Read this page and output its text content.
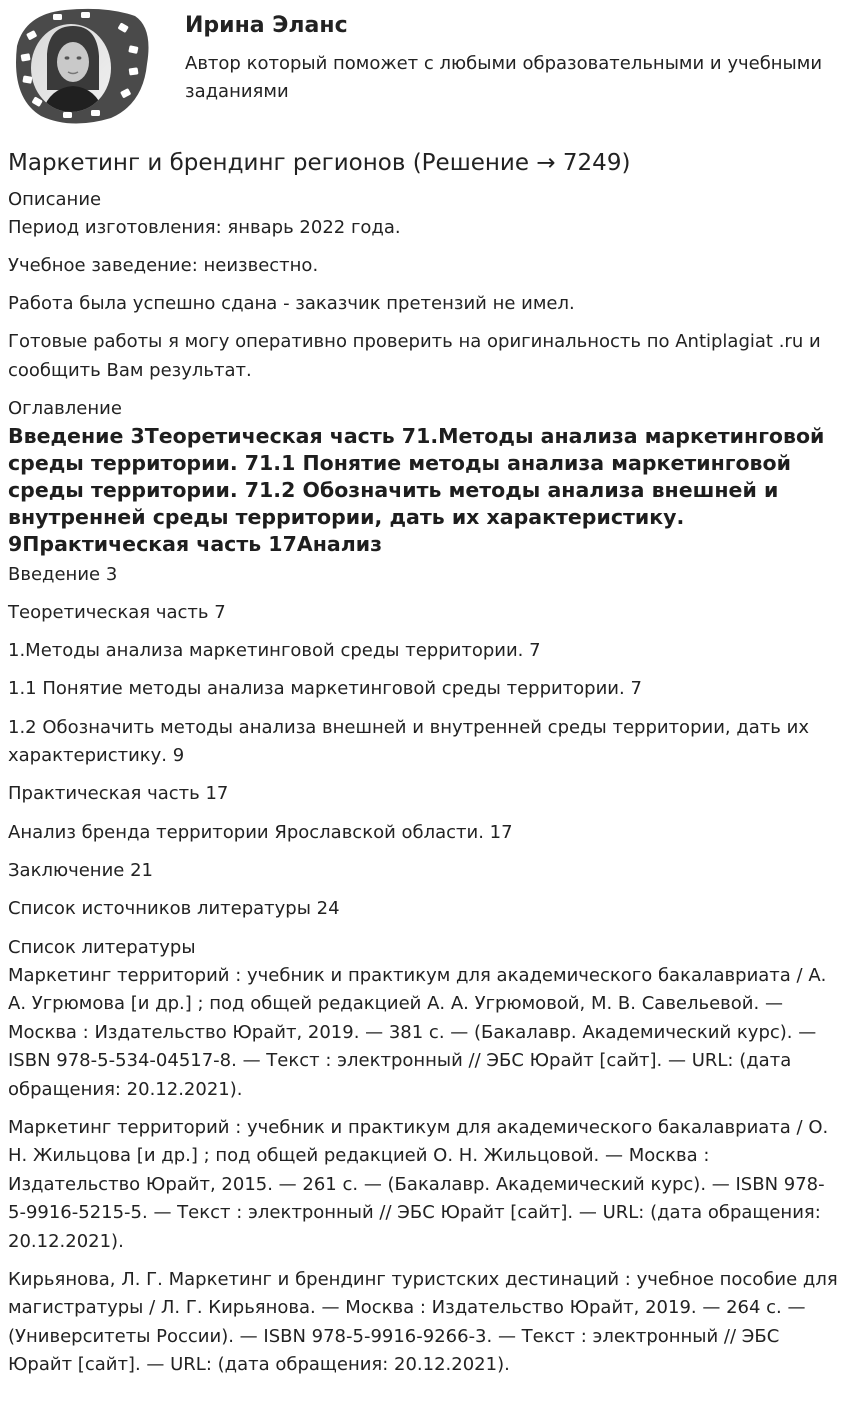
Ирина Эланс
Автор который поможет с любыми образовательными и учебными заданиями
Маркетинг и брендинг регионов (Решение → 7249)
Описание

Период изготовления: январь 2022 года.

Учебное заведение: неизвестно.

Работа была успешно сдана - заказчик претензий не имел.

Готовые работы я могу оперативно проверить на оригинальность по Antiplagiat .ru и сообщить Вам результат.

Оглавление

Введение 3Теоретическая часть 71.Методы анализа маркетинговой среды территории. 71.1 Понятие методы анализа маркетинговой среды территории. 71.2 Обозначить методы анализа внешней и внутренней среды территории, дать их характеристику. 9Практическая часть 17Анализ

Введение 3

Теоретическая часть 7

1.Методы анализа маркетинговой среды территории. 7

1.1 Понятие методы анализа маркетинговой среды территории. 7

1.2 Обозначить методы анализа внешней и внутренней среды территории, дать их характеристику. 9

Практическая часть 17

Анализ бренда территории Ярославской области. 17

Заключение 21

Список источников литературы 24

Список литературы

Маркетинг территорий : учебник и практикум для академического бакалавриата / А. А. Угрюмова [и др.] ; под общей редакцией А. А. Угрюмовой, М. В. Савельевой. — Москва : Издательство Юрайт, 2019. — 381 с. — (Бакалавр. Академический курс). — ISBN 978-5-534-04517-8. — Текст : электронный // ЭБС Юрайт [сайт]. — URL: (дата обращения: 20.12.2021).

Маркетинг территорий : учебник и практикум для академического бакалавриата / О. Н. Жильцова [и др.] ; под общей редакцией О. Н. Жильцовой. — Москва : Издательство Юрайт, 2015. — 261 с. — (Бакалавр. Академический курс). — ISBN 978-5-9916-5215-5. — Текст : электронный // ЭБС Юрайт [сайт]. — URL: (дата обращения: 20.12.2021).

Кирьянова, Л. Г. Маркетинг и брендинг туристских дестинаций : учебное пособие для магистратуры / Л. Г. Кирьянова. — Москва : Издательство Юрайт, 2019. — 264 с. — (Университеты России). — ISBN 978-5-9916-9266-3. — Текст : электронный // ЭБС Юрайт [сайт]. — URL: (дата обращения: 20.12.2021).
